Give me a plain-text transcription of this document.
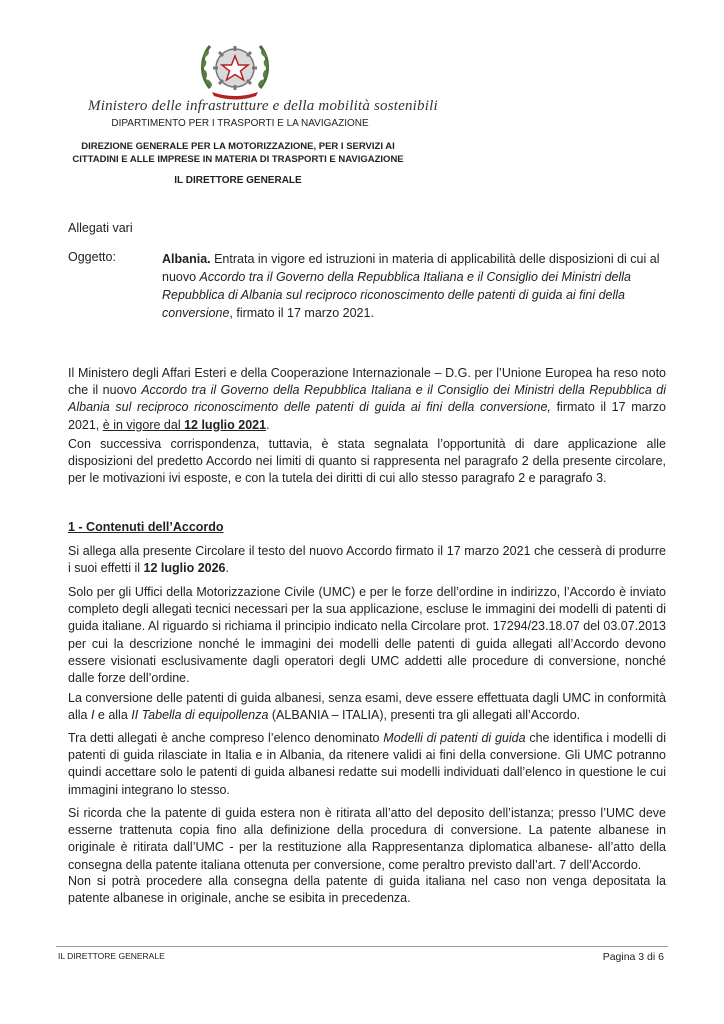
Ministero delle infrastrutture e della mobilità sostenibili
DIPARTIMENTO PER I TRASPORTI E LA NAVIGAZIONE
DIREZIONE GENERALE PER LA MOTORIZZAZIONE, PER I SERVIZI AI
CITTADINI E ALLE IMPRESE IN MATERIA DI TRASPORTI E NAVIGAZIONE
IL DIRETTORE GENERALE
Allegati vari
Oggetto:	Albania. Entrata in vigore ed istruzioni in materia di applicabilità delle disposizioni di cui al nuovo Accordo tra il Governo della Repubblica Italiana e il Consiglio dei Ministri della Repubblica di Albania sul reciproco riconoscimento delle patenti di guida ai fini della conversione, firmato il 17 marzo 2021.

Il Ministero degli Affari Esteri e della Cooperazione Internazionale – D.G. per l’Unione Europea ha reso noto che il nuovo Accordo tra il Governo della Repubblica Italiana e il Consiglio dei Ministri della Repubblica di Albania sul reciproco riconoscimento delle patenti di guida ai fini della conversione, firmato il 17 marzo 2021, è in vigore dal 12 luglio 2021.

Con successiva corrispondenza, tuttavia, è stata segnalata l’opportunità di dare applicazione alle disposizioni del predetto Accordo nei limiti di quanto si rappresenta nel paragrafo 2 della presente circolare, per le motivazioni ivi esposte, e con la tutela dei diritti di cui allo stesso paragrafo 2 e paragrafo 3.

1 - Contenuti dell’Accordo

Si allega alla presente Circolare il testo del nuovo Accordo firmato il 17 marzo 2021 che cesserà di produrre i suoi effetti il 12 luglio 2026.

Solo per gli Uffici della Motorizzazione Civile (UMC) e per le forze dell’ordine in indirizzo, l’Accordo è inviato completo degli allegati tecnici necessari per la sua applicazione, escluse le immagini dei modelli di patenti di guida italiane. Al riguardo si richiama il principio indicato nella Circolare prot. 17294/23.18.07 del 03.07.2013 per cui la descrizione nonché le immagini dei modelli delle patenti di guida allegati all’Accordo devono essere visionati esclusivamente dagli operatori degli UMC addetti alle procedure di conversione, nonché dalle forze dell’ordine.

La conversione delle patenti di guida albanesi, senza esami, deve essere effettuata dagli UMC in conformità alla I e alla II Tabella di equipollenza (ALBANIA – ITALIA), presenti tra gli allegati all’Accordo.

Tra detti allegati è anche compreso l’elenco denominato Modelli di patenti di guida che identifica i modelli di patenti di guida rilasciate in Italia e in Albania, da ritenere validi ai fini della conversione. Gli UMC potranno quindi accettare solo le patenti di guida albanesi redatte sui modelli individuati dall’elenco in questione le cui immagini integrano lo stesso.

Si ricorda che la patente di guida estera non è ritirata all’atto del deposito dell’istanza; presso l’UMC deve esserne trattenuta copia fino alla definizione della procedura di conversione. La patente albanese in originale è ritirata dall’UMC - per la restituzione alla Rappresentanza diplomatica albanese- all’atto della consegna della patente italiana ottenuta per conversione, come peraltro previsto dall’art. 7 dell’Accordo.

Non si potrà procedere alla consegna della patente di guida italiana nel caso non venga depositata la patente albanese in originale, anche se esibita in precedenza.

IL DIRETTORE GENERALE	Pagina 3 di 6
